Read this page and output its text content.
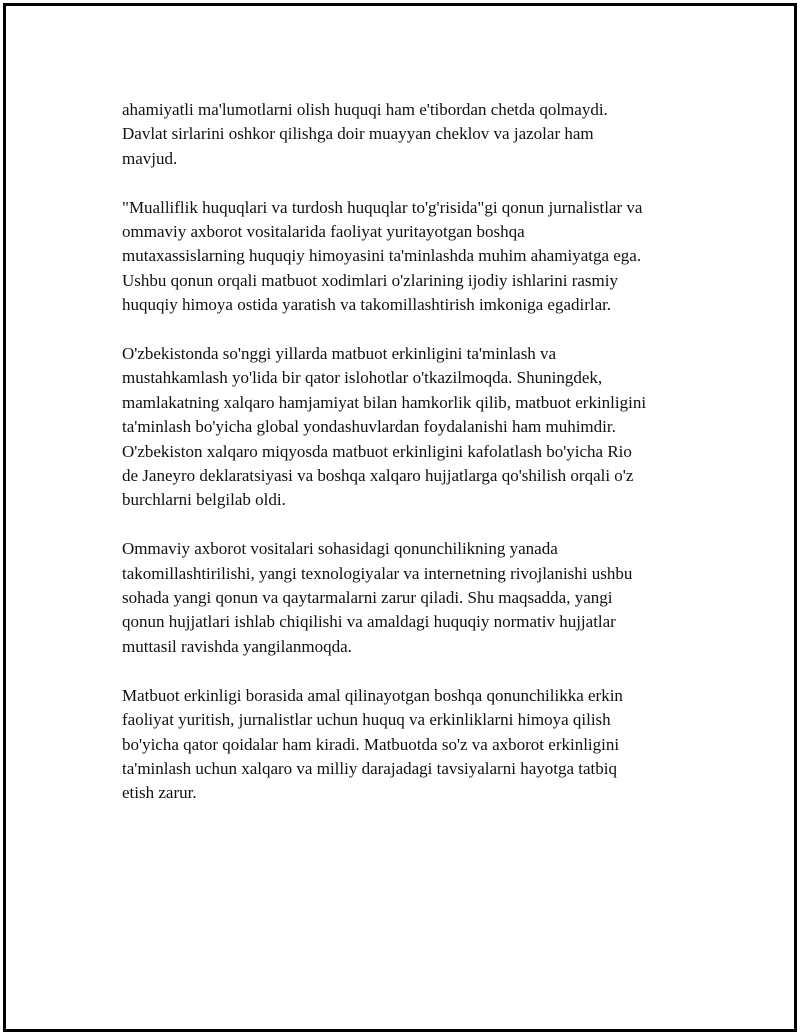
ahamiyatli ma'lumotlarni olish huquqi ham e'tibordan chetda qolmaydi.
Davlat sirlarini oshkor qilishga doir muayyan cheklov va jazolar ham
mavjud.

"Mualliflik huquqlari va turdosh huquqlar to'g'risida"gi qonun jurnalistlar va
ommaviy axborot vositalarida faoliyat yuritayotgan boshqa
mutaxassislarning huquqiy himoyasini ta'minlashda muhim ahamiyatga ega.
Ushbu qonun orqali matbuot xodimlari o'zlarining ijodiy ishlarini rasmiy
huquqiy himoya ostida yaratish va takomillashtirish imkoniga egadirlar.

O'zbekistonda so'nggi yillarda matbuot erkinligini ta'minlash va
mustahkamlash yo'lida bir qator islohotlar o'tkazilmoqda. Shuningdek,
mamlakatning xalqaro hamjamiyat bilan hamkorlik qilib, matbuot erkinligini
ta'minlash bo'yicha global yondashuvlardan foydalanishi ham muhimdir.
O'zbekiston xalqaro miqyosda matbuot erkinligini kafolatlash bo'yicha Rio
de Janeyro deklaratsiyasi va boshqa xalqaro hujjatlarga qo'shilish orqali o'z
burchlarni belgilab oldi.

Ommaviy axborot vositalari sohasidagi qonunchilikning yanada
takomillashtirilishi, yangi texnologiyalar va internetning rivojlanishi ushbu
sohada yangi qonun va qaytarmalarni zarur qiladi. Shu maqsadda, yangi
qonun hujjatlari ishlab chiqilishi va amaldagi huquqiy normativ hujjatlar
muttasil ravishda yangilanmoqda.

Matbuot erkinligi borasida amal qilinayotgan boshqa qonunchilikka erkin
faoliyat yuritish, jurnalistlar uchun huquq va erkinliklarni himoya qilish
bo'yicha qator qoidalar ham kiradi. Matbuotda so'z va axborot erkinligini
ta'minlash uchun xalqaro va milliy darajadagi tavsiyalarni hayotga tatbiq
etish zarur.
